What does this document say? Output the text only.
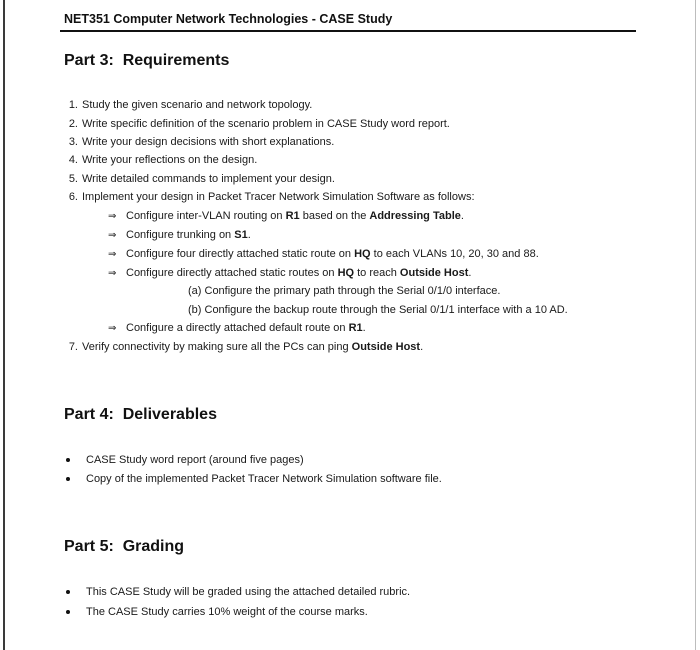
NET351 Computer Network Technologies - CASE Study
Part 3:  Requirements
1. Study the given scenario and network topology.
2. Write specific definition of the scenario problem in CASE Study word report.
3. Write your design decisions with short explanations.
4. Write your reflections on the design.
5. Write detailed commands to implement your design.
6. Implement your design in Packet Tracer Network Simulation Software as follows:
⇒ Configure inter-VLAN routing on R1 based on the Addressing Table.
⇒ Configure trunking on S1.
⇒ Configure four directly attached static route on HQ to each VLANs 10, 20, 30 and 88.
⇒ Configure directly attached static routes on HQ to reach Outside Host.
(a) Configure the primary path through the Serial 0/1/0 interface.
(b) Configure the backup route through the Serial 0/1/1 interface with a 10 AD.
⇒ Configure a directly attached default route on R1.
7. Verify connectivity by making sure all the PCs can ping Outside Host.
Part 4:  Deliverables
CASE Study word report (around five pages)
Copy of the implemented Packet Tracer Network Simulation software file.
Part 5:  Grading
This CASE Study will be graded using the attached detailed rubric.
The CASE Study carries 10% weight of the course marks.
